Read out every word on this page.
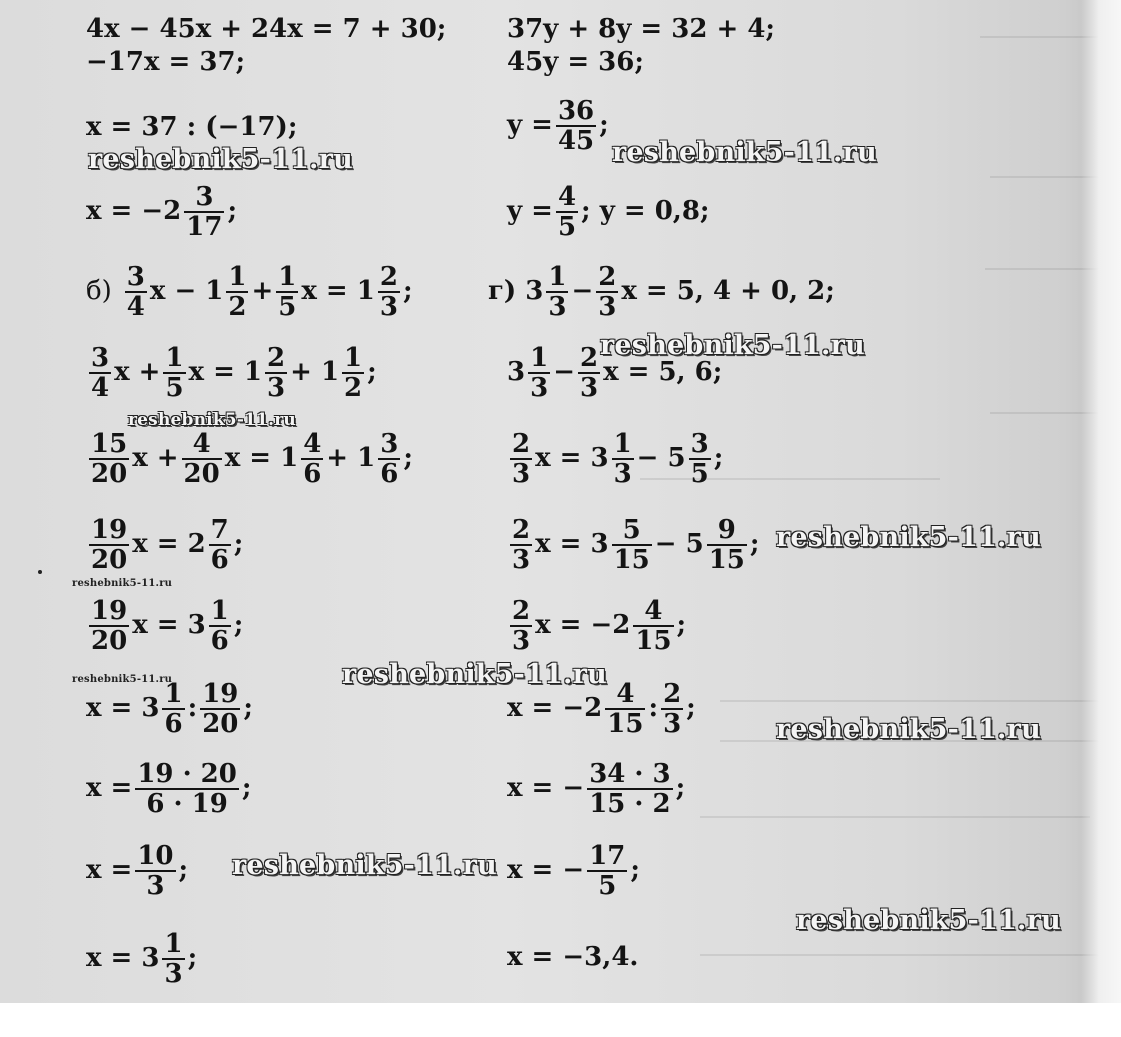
4x − 45x + 24x = 7 + 30;
−17x = 37;
x = 37 : (−17);
$x = -2 \frac{3}{17}$ ;
37y + 8y = 32 + 4;
45y = 36;
$y = \frac{36}{45}$ ;
$y = \frac{4}{5}$ ; y = 0,8;
$б) \frac{3}{4}$ $x - 1 \frac{1}{2} + \frac{1}{5}$ $x = 1 \frac{2}{3}$ ;
$\frac{3}{4}$ $x + \frac{1}{5}$ $x = 1 \frac{2}{3} + 1 \frac{1}{2}$ ;
$\frac{15}{20}$ $x + \frac{4}{20}$ $x = 1 \frac{4}{6} + 1 \frac{3}{6}$ ;
$\frac{19}{20}$ $x = 2 \frac{7}{6}$ ;
$\frac{19}{20}$ $x = 3 \frac{1}{6}$ ;
$x = 3 \frac{1}{6}$ : $\frac{19}{20}$ ;
$x = \frac{19 \cdot 20}{6 \cdot 19}$ ;
$x = \frac{10}{3}$ ;
$x = 3 \frac{1}{3}$ ;
г) $3 \frac{1}{3} - \frac{2}{3}$ x = 5, 4 + 0, 2;
$3 \frac{1}{3} - \frac{2}{3}$ x = 5, 6;
$\frac{2}{3}$ $x = 3 \frac{1}{3} - 5 \frac{3}{5}$ ;
$\frac{2}{3}$ $x = 3 \frac{5}{15} - 5 \frac{9}{15}$ ;
$\frac{2}{3}$ $x = -2 \frac{4}{15}$ ;
$x = -2 \frac{4}{15}$ : $\frac{2}{3}$ ;
x = − $\frac{34 \cdot 3}{15 \cdot 2}$ ;
x = − $\frac{17}{5}$ ;
x = −3,4.
reshebnik5-11.ru	reshebnik5-11.ru
reshebnik5-11.ru
reshebnik5-11.ru
reshebnik5-11.ru
reshebnik5-11.ru
reshebnik5-11.ru	reshebnik5-11.ru
reshebnik5-11.ru
reshebnik5-11.ru
reshebnik5-11.ru
